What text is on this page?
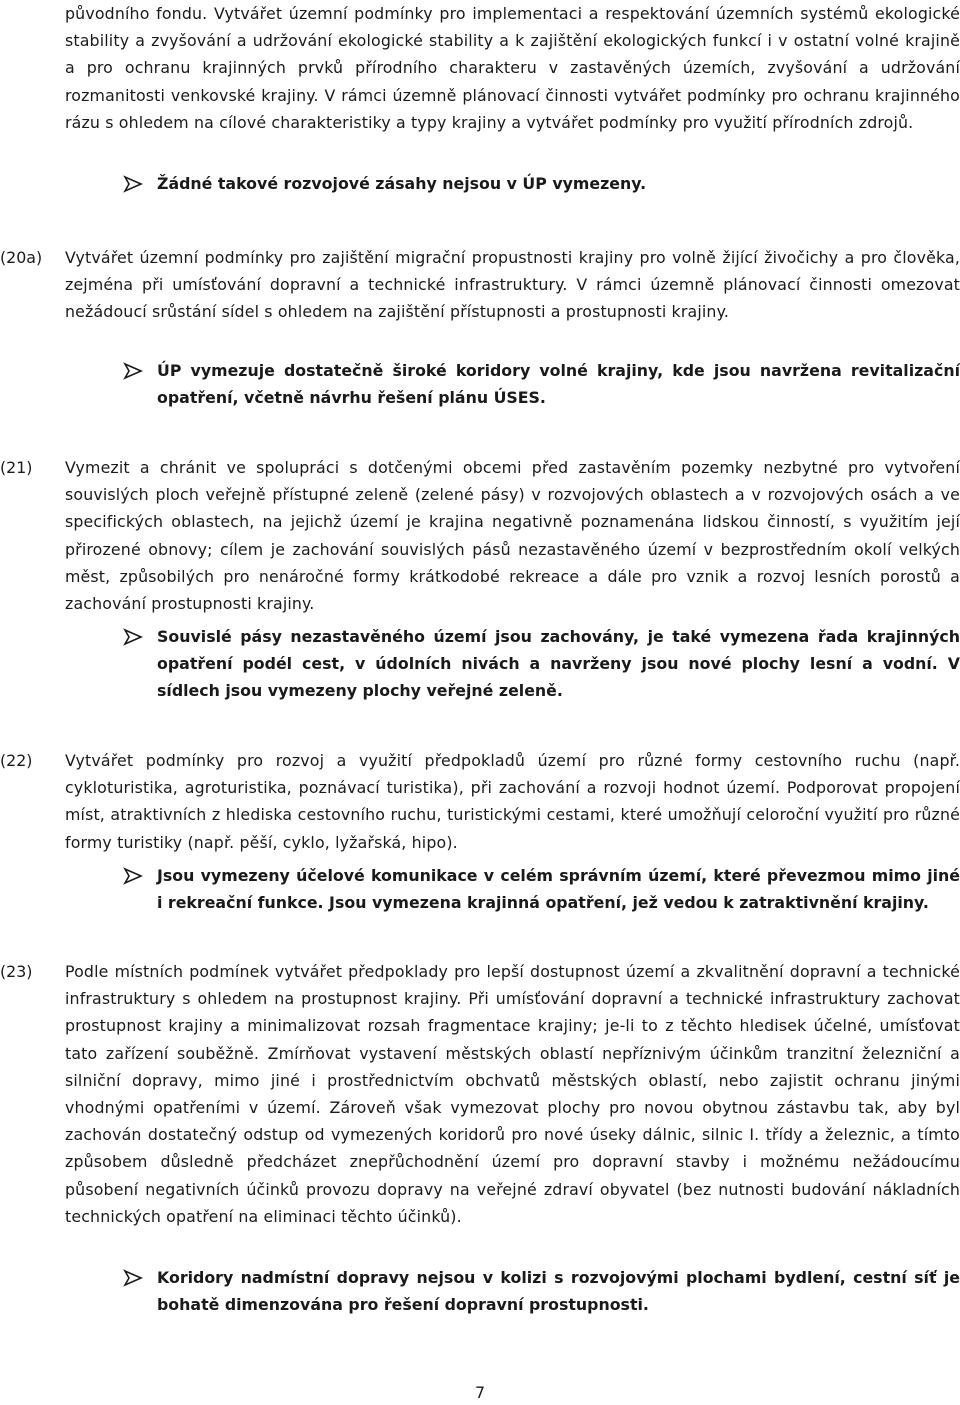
původního fondu. Vytvářet územní podmínky pro implementaci a respektování územních systémů ekologické stability a zvyšování a udržování ekologické stability a k zajištění ekologických funkcí i v ostatní volné krajině a pro ochranu krajinných prvků přírodního charakteru v zastavěných územích, zvyšování a udržování rozmanitosti venkovské krajiny. V rámci územně plánovací činnosti vytvářet podmínky pro ochranu krajinného rázu s ohledem na cílové charakteristiky a typy krajiny a vytvářet podmínky pro využití přírodních zdrojů.

Žádné takové rozvojové zásahy nejsou v ÚP vymezeny.
(20a) Vytvářet územní podmínky pro zajištění migrační propustnosti krajiny pro volně žijící živočichy a pro člověka, zejména při umísťování dopravní a technické infrastruktury. V rámci územně plánovací činnosti omezovat nežádoucí srůstání sídel s ohledem na zajištění přístupnosti a prostupnosti krajiny.

ÚP vymezuje dostatečně široké koridory volné krajiny, kde jsou navržena revitalizační opatření, včetně návrhu řešení plánu ÚSES.
(21) Vymezit a chránit ve spolupráci s dotčenými obcemi před zastavěním pozemky nezbytné pro vytvoření souvislých ploch veřejně přístupné zeleně (zelené pásy) v rozvojových oblastech a v rozvojových osách a ve specifických oblastech, na jejichž území je krajina negativně poznamenána lidskou činností, s využitím její přirozené obnovy; cílem je zachování souvislých pásů nezastavěného území v bezprostředním okolí velkých měst, způsobilých pro nenáročné formy krátkodobé rekreace a dále pro vznik a rozvoj lesních porostů a zachování prostupnosti krajiny.

Souvislé pásy nezastavěného území jsou zachovány, je také vymezena řada krajinných opatření podél cest, v údolních nivách a navrženy jsou nové plochy lesní a vodní. V sídlech jsou vymezeny plochy veřejné zeleně.
(22) Vytvářet podmínky pro rozvoj a využití předpokladů území pro různé formy cestovního ruchu (např. cykloturistika, agroturistika, poznávací turistika), při zachování a rozvoji hodnot území. Podporovat propojení míst, atraktivních z hlediska cestovního ruchu, turistickými cestami, které umožňují celoroční využití pro různé formy turistiky (např. pěší, cyklo, lyžařská, hipo).

Jsou vymezeny účelové komunikace v celém správním území, které převezmou mimo jiné i rekreační funkce. Jsou vymezena krajinná opatření, jež vedou k zatraktivnění krajiny.
(23) Podle místních podmínek vytvářet předpoklady pro lepší dostupnost území a zkvalitnění dopravní a technické infrastruktury s ohledem na prostupnost krajiny. Při umísťování dopravní a technické infrastruktury zachovat prostupnost krajiny a minimalizovat rozsah fragmentace krajiny; je-li to z těchto hledisek účelné, umísťovat tato zařízení souběžně. Zmírňovat vystavení městských oblastí nepříznivým účinkům tranzitní železniční a silniční dopravy, mimo jiné i prostřednictvím obchvatů městských oblastí, nebo zajistit ochranu jinými vhodnými opatřeními v území. Zároveň však vymezovat plochy pro novou obytnou zástavbu tak, aby byl zachován dostatečný odstup od vymezených koridorů pro nové úseky dálnic, silnic I. třídy a železnic, a tímto způsobem důsledně předcházet znepřůchodnění území pro dopravní stavby i možnému nežádoucímu působení negativních účinků provozu dopravy na veřejné zdraví obyvatel (bez nutnosti budování nákladních technických opatření na eliminaci těchto účinků).

Koridory nadmístní dopravy nejsou v kolizi s rozvojovými plochami bydlení, cestní síť je bohatě dimenzována pro řešení dopravní prostupnosti.
7
